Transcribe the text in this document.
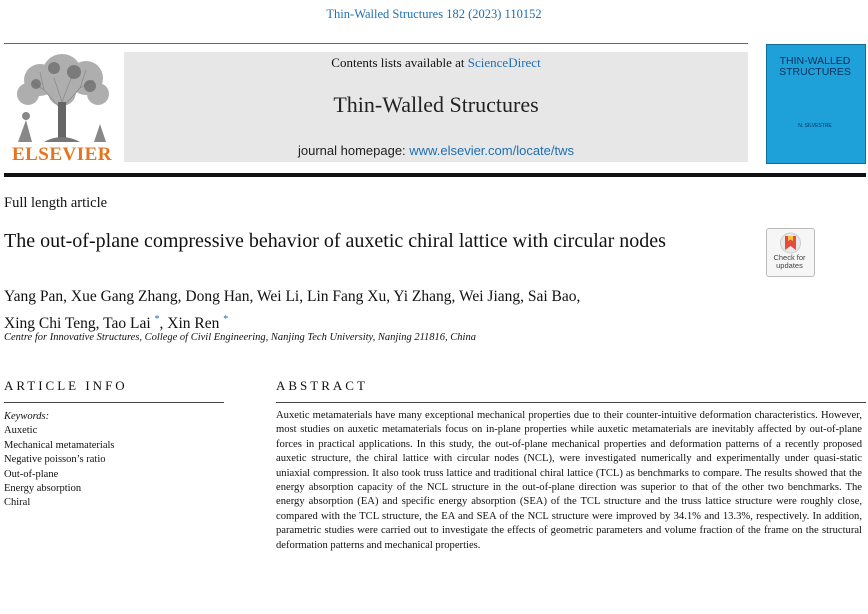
Thin-Walled Structures 182 (2023) 110152
ELSEVIER
Contents lists available at ScienceDirect
Thin-Walled Structures
journal homepage: www.elsevier.com/locate/tws
THIN-WALLED
STRUCTURES
N. SILVESTRE
Full length article
The out-of-plane compressive behavior of auxetic chiral lattice with circular nodes
Check for
updates
Yang Pan, Xue Gang Zhang, Dong Han, Wei Li, Lin Fang Xu, Yi Zhang, Wei Jiang, Sai Bao,
Xing Chi Teng, Tao Lai *, Xin Ren *
Centre for Innovative Structures, College of Civil Engineering, Nanjing Tech University, Nanjing 211816, China
ARTICLE INFO
Keywords:
Auxetic
Mechanical metamaterials
Negative poisson’s ratio
Out-of-plane
Energy absorption
Chiral
ABSTRACT
Auxetic metamaterials have many exceptional mechanical properties due to their counter-intuitive deformation characteristics. However, most studies on auxetic metamaterials focus on in-plane properties while auxetic metamaterials are inevitably affected by out-of-plane forces in practical applications. In this study, the out-of-plane mechanical properties and deformation patterns of a recently proposed auxetic structure, the chiral lattice with circular nodes (NCL), were investigated numerically and experimentally under quasi-static uniaxial compression. It also took truss lattice and traditional chiral lattice (TCL) as benchmarks to compare. The results showed that the energy absorption capacity of the NCL structure in the out-of-plane direction was superior to that of the other two benchmarks. The energy absorption (EA) and specific energy absorption (SEA) of the TCL structure and the truss lattice structure were roughly close, compared with the TCL structure, the EA and SEA of the NCL structure were improved by 34.1% and 13.3%, respectively. In addition, parametric studies were carried out to investigate the effects of geometric parameters and volume fraction of the frame on the structural deformation patterns and mechanical properties.
